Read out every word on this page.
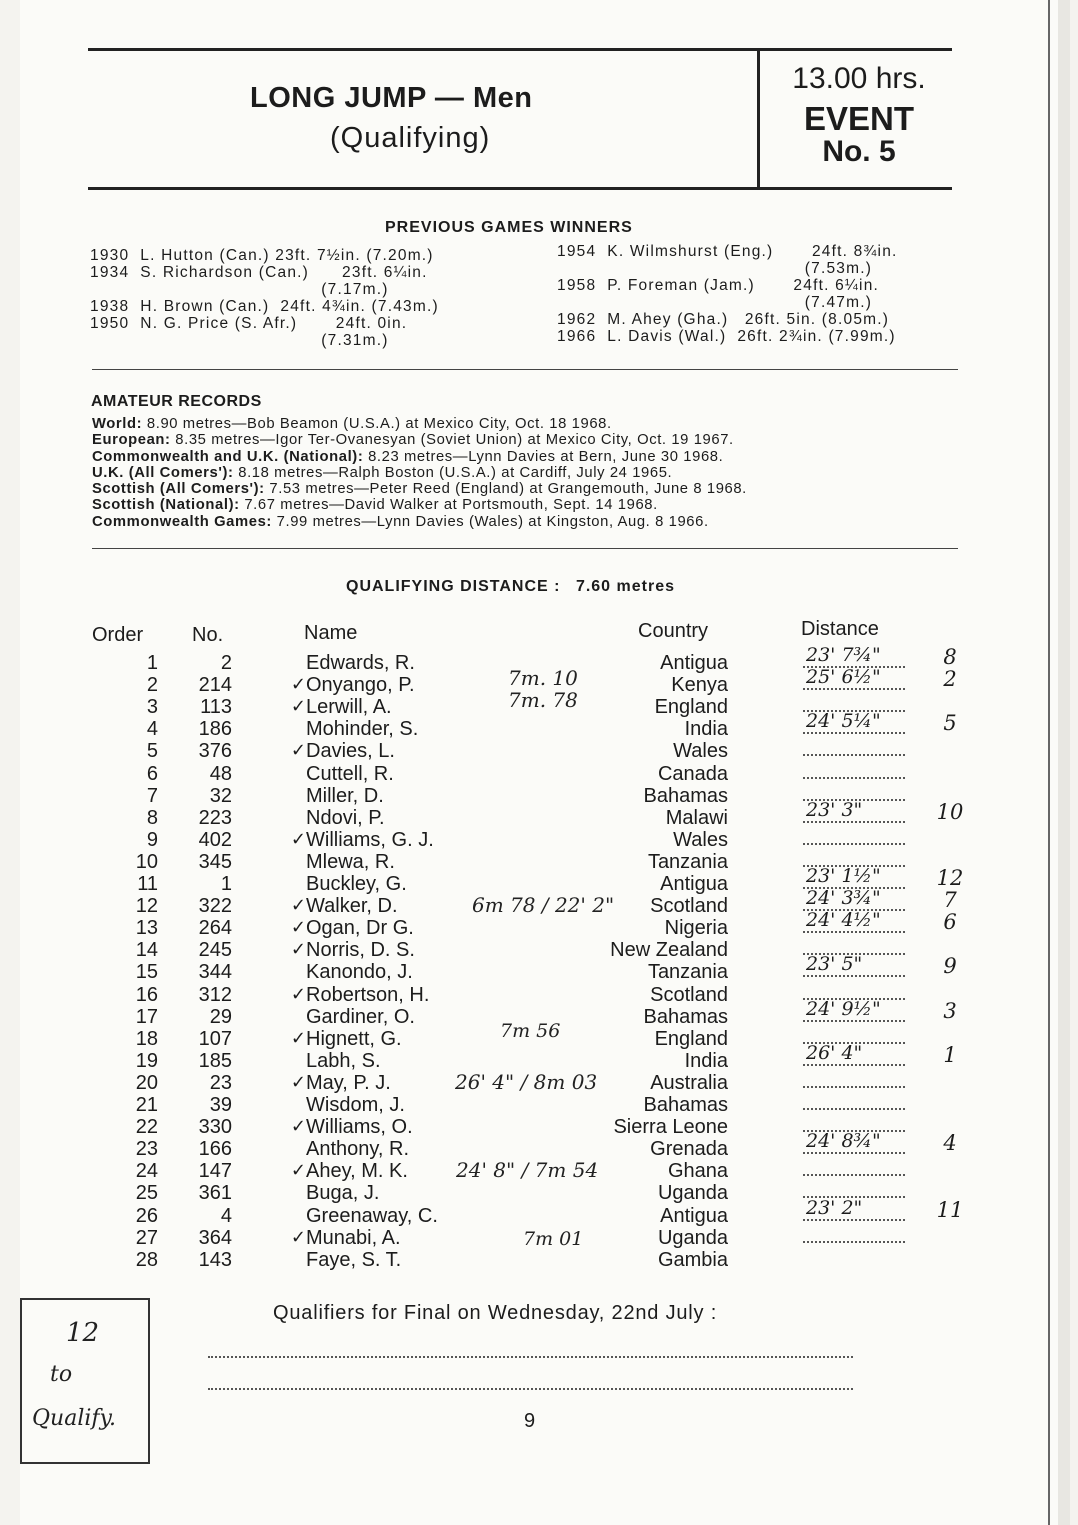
LONG JUMP — Men
(Qualifying)
13.00 hrs.
EVENT
No. 5
PREVIOUS GAMES WINNERS
1930  L. Hutton (Can.) 23ft. 7½in. (7.20m.)
1934  S. Richardson (Can.)      23ft. 6¼in.
(7.17m.)
1938  H. Brown (Can.)  24ft. 4¾in. (7.43m.)
1950  N. G. Price (S. Afr.)       24ft. 0in.
(7.31m.)
1954  K. Wilmshurst (Eng.)       24ft. 8¾in.
(7.53m.)
1958  P. Foreman (Jam.)       24ft. 6¼in.
(7.47m.)
1962  M. Ahey (Gha.)   26ft. 5in. (8.05m.)
1966  L. Davis (Wal.)  26ft. 2¾in. (7.99m.)
AMATEUR RECORDS
World: 8.90 metres—Bob Beamon (U.S.A.) at Mexico City, Oct. 18 1968.
European: 8.35 metres—Igor Ter-Ovanesyan (Soviet Union) at Mexico City, Oct. 19 1967.
Commonwealth and U.K. (National): 8.23 metres—Lynn Davies at Bern, June 30 1968.
U.K. (All Comers'): 8.18 metres—Ralph Boston (U.S.A.) at Cardiff, July 24 1965.
Scottish (All Comers'): 7.53 metres—Peter Reed (England) at Grangemouth, June 8 1968.
Scottish (National): 7.67 metres—David Walker at Portsmouth, Sept. 14 1968.
Commonwealth Games: 7.99 metres—Lynn Davies (Wales) at Kingston, Aug. 8 1966.
QUALIFYING DISTANCE : 7.60 metres
Order No.	Name	Country	Distance
1	2	Edwards, R.	Antigua	23' 7¾"	8
2	214	✓ Onyango, P.	Kenya	25' 6½"	2
3	113	✓ Lerwill, A.	England
4	186	Mohinder, S.	India	24' 5¼"	5
5	376	✓ Davies, L.	Wales
6	48	Cuttell, R.	Canada
7	32	Miller, D.	Bahamas
8	223	Ndovi, P.	Malawi	23' 3"	10
9	402	✓ Williams, G. J.	Wales
10	345	Mlewa, R.	Tanzania
11	1	Buckley, G.	Antigua	23' 1½"	12
12	322	✓ Walker, D.	Scotland	24' 3¾"	7
13	264	✓ Ogan, Dr G.	Nigeria	24' 4½"	6
14	245	✓ Norris, D. S.	New Zealand
15	344	Kanondo, J.	Tanzania	23' 5"	9
16	312	✓ Robertson, H.	Scotland
17	29	Gardiner, O.	Bahamas	24' 9½"	3
18	107	✓ Hignett, G.	England
19	185	Labh, S.	India	26' 4"	1
20	23	✓ May, P. J.	Australia
21	39	Wisdom, J.	Bahamas
22	330	✓ Williams, O.	Sierra Leone
23	166	Anthony, R.	Grenada	24' 8¾"	4
24	147	✓ Ahey, M. K.	Ghana
25	361	Buga, J.	Uganda
26	4	Greenaway, C.	Antigua	23' 2"	11
27	364	✓ Munabi, A.	Uganda
28	143	Faye, S. T.	Gambia
7m. 10
7m. 78
6m 78 / 22' 2"
7m 56
26' 4" / 8m 03
24' 8" / 7m 54
7m 01
Qualifiers for Final on Wednesday, 22nd July :
9
12
to
Qualify.
